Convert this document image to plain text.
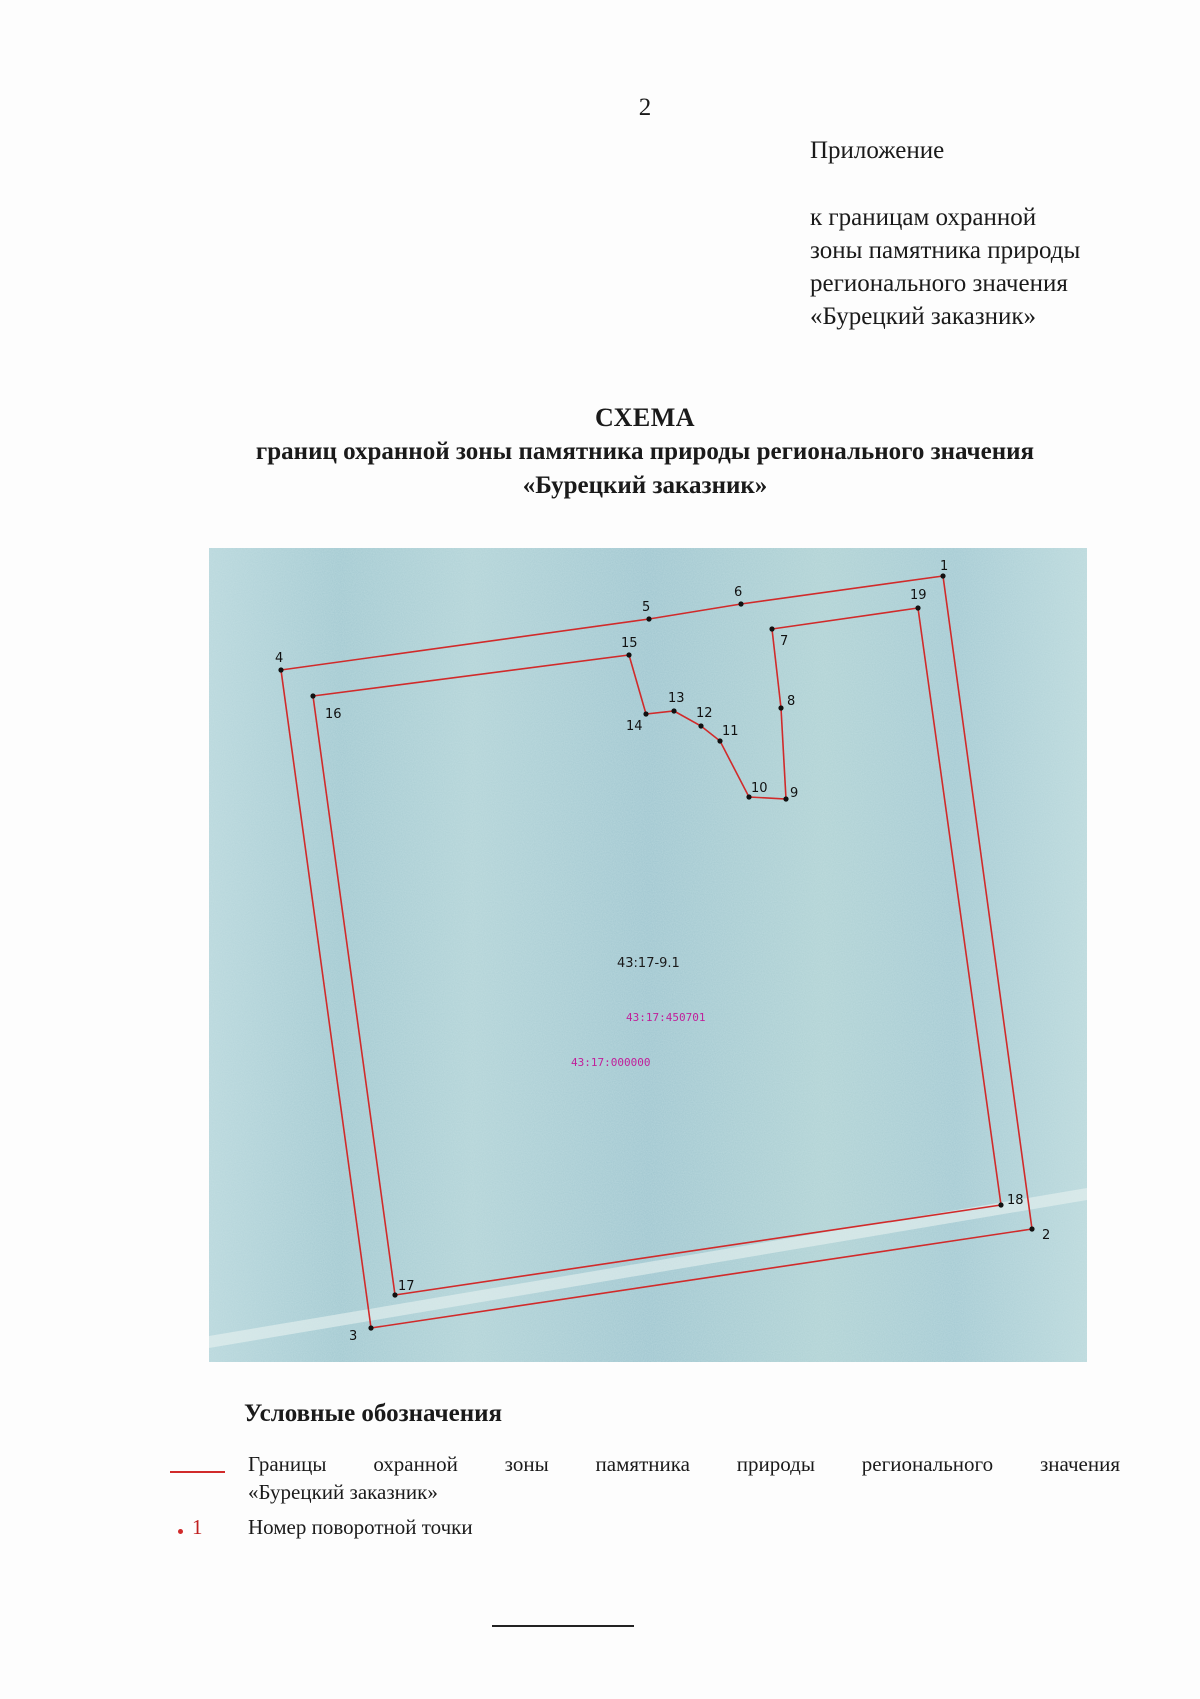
2
Приложение
к границам охранной
зоны памятника природы
регионального значения
«Бурецкий заказник»
СХЕМА
границ охранной зоны памятника природы регионального значения
«Бурецкий заказник»
1
2
3
4
5
6
7
8
9
10
11
12
13
14
15
16
17
18
19
43:17-9.1
43:17:450701
43:17:000000
Условные обозначения
Границы охранной зоны памятника природы регионального значения
«Бурецкий заказник»
1 Номер поворотной точки
